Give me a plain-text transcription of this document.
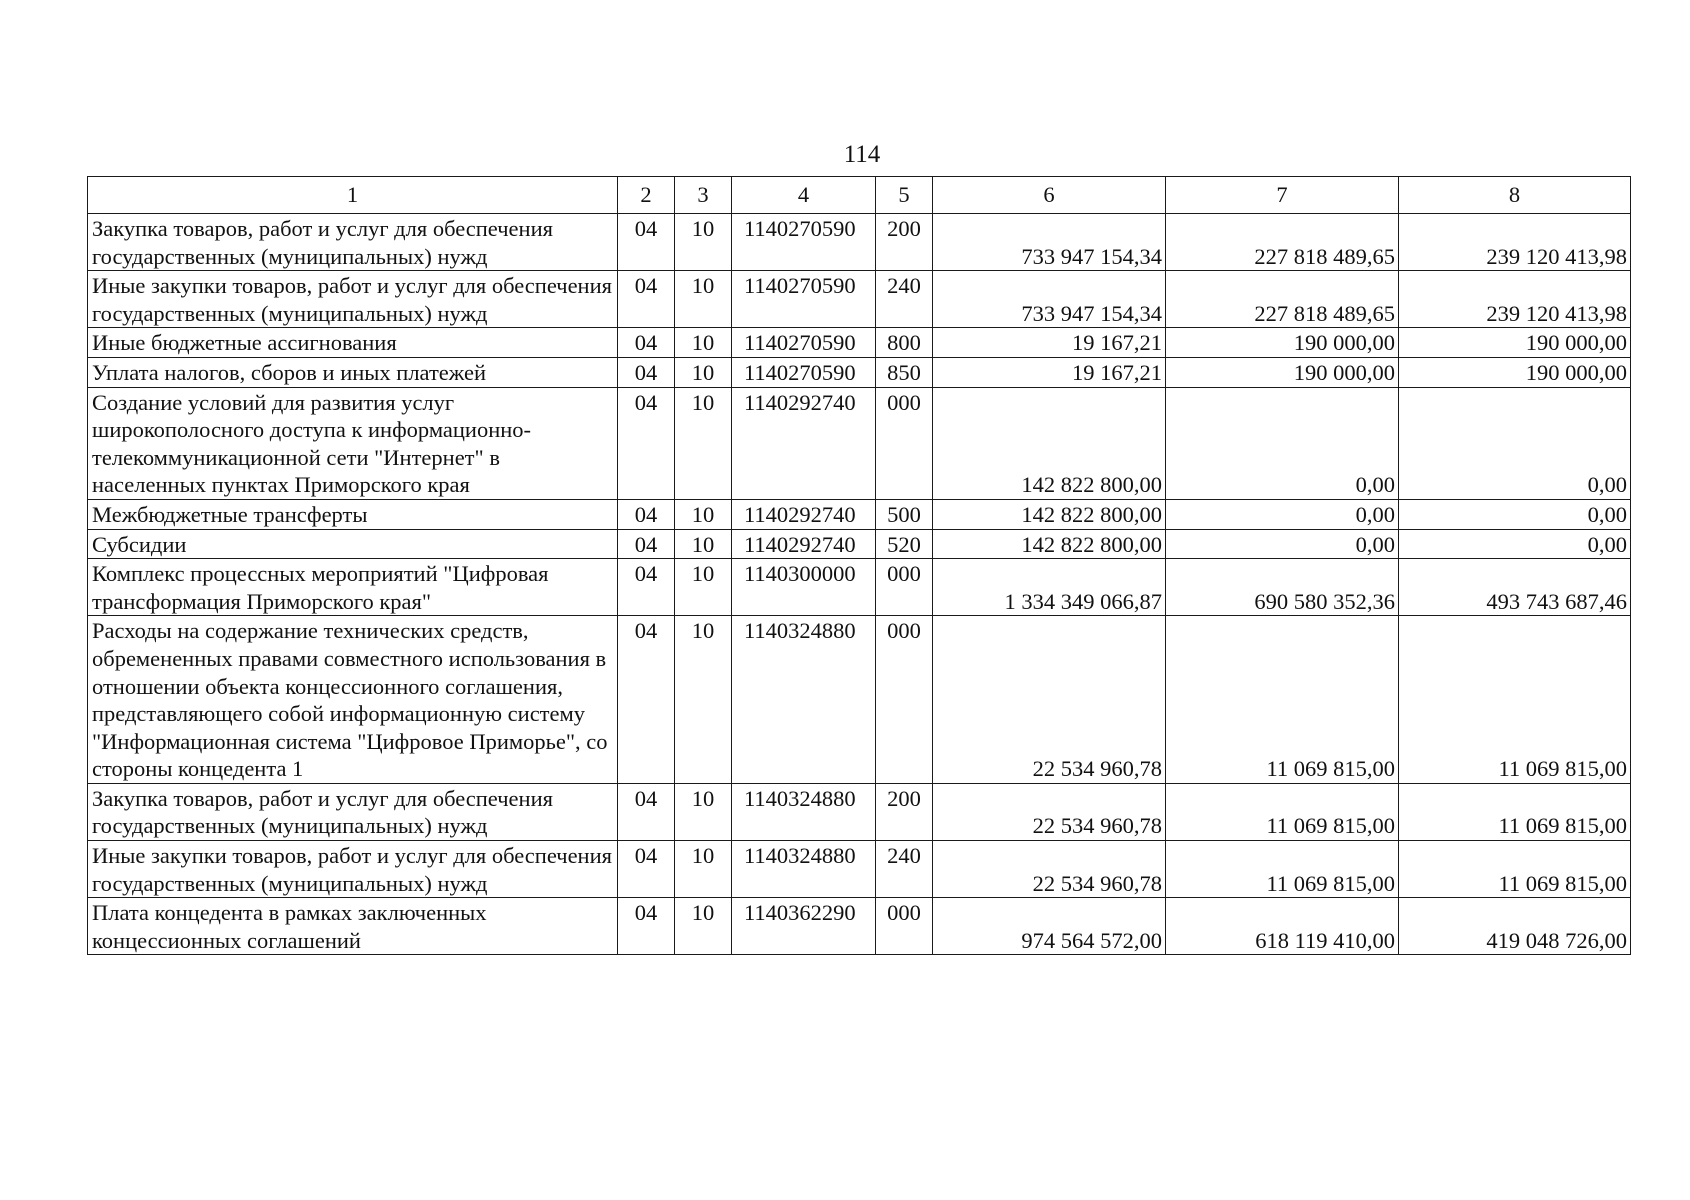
114
1	2	3	4	5	6	7	8
Закупка товаров, работ и услуг для обеспечения государственных (муниципальных) нужд	04	10	1140270590	200	733 947 154,34	227 818 489,65	239 120 413,98
Иные закупки товаров, работ и услуг для обеспечения государственных (муниципальных) нужд	04	10	1140270590	240	733 947 154,34	227 818 489,65	239 120 413,98
Иные бюджетные ассигнования	04	10	1140270590	800	19 167,21	190 000,00	190 000,00
Уплата налогов, сборов и иных платежей	04	10	1140270590	850	19 167,21	190 000,00	190 000,00
Создание условий для развития услуг широкополосного доступа к информационно-телекоммуникационной сети "Интернет" в населенных пунктах Приморского края	04	10	1140292740	000	142 822 800,00	0,00	0,00
Межбюджетные трансферты	04	10	1140292740	500	142 822 800,00	0,00	0,00
Субсидии	04	10	1140292740	520	142 822 800,00	0,00	0,00
Комплекс процессных мероприятий "Цифровая трансформация Приморского края"	04	10	1140300000	000	1 334 349 066,87	690 580 352,36	493 743 687,46
Расходы на содержание технических средств, обремененных правами совместного использования в отношении объекта концессионного соглашения, представляющего собой информационную систему "Информационная система "Цифровое Приморье", со стороны концедента 1	04	10	1140324880	000	22 534 960,78	11 069 815,00	11 069 815,00
Закупка товаров, работ и услуг для обеспечения государственных (муниципальных) нужд	04	10	1140324880	200	22 534 960,78	11 069 815,00	11 069 815,00
Иные закупки товаров, работ и услуг для обеспечения государственных (муниципальных) нужд	04	10	1140324880	240	22 534 960,78	11 069 815,00	11 069 815,00
Плата концедента в рамках заключенных концессионных соглашений	04	10	1140362290	000	974 564 572,00	618 119 410,00	419 048 726,00
